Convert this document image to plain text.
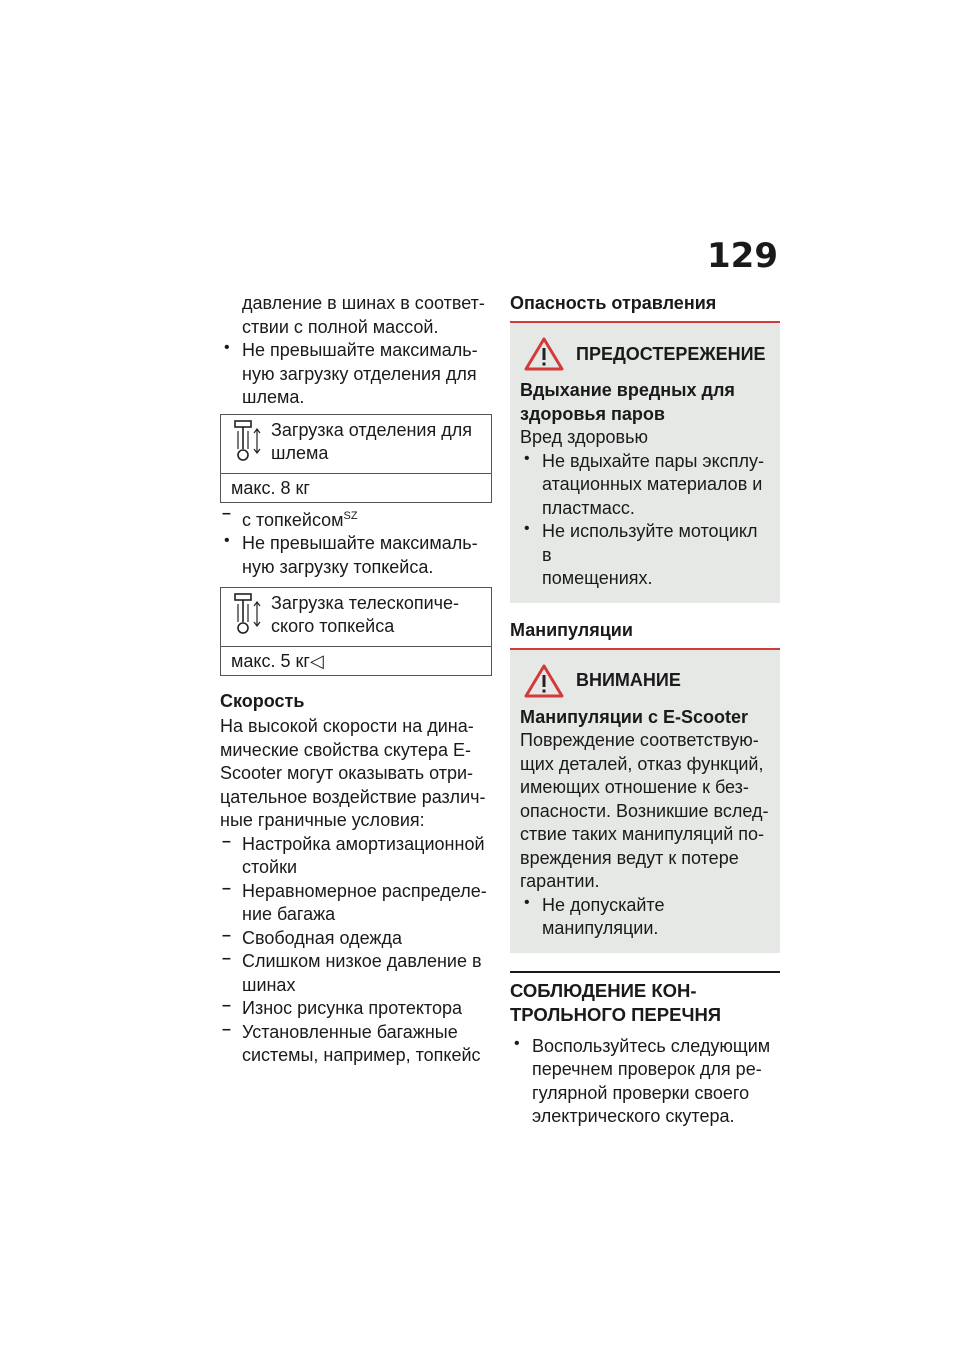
129

давление в шинах в соответ-

ствии с полной массой.

• Не превышайте максималь-

ную загрузку отделения для

шлема.

Загрузка отделения для
шлема
макс. 8 кг

– с топкейсом$^{SZ}$

• Не превышайте максималь-

ную загрузку топкейса.

Загрузка телескопиче-
ского топкейса
макс. 5 кг◁
Скорость

На высокой скорости на дина-

мические свойства скутера E-

Scooter могут оказывать отри-

цательное воздействие различ-

ные граничные условия:

– Настройка амортизационной

стойки

– Неравномерное распределе-

ние багажа

– Свободная одежда

– Слишком низкое давление в

шинах

– Износ рисунка протектора

– Установленные багажные

системы, например, топкейс

Опасность отравления
ПРЕДОСТЕРЕЖЕНИЕ
Вдыхание вредных для
здоровья паров

Вред здоровью

• Не вдыхайте пары эксплу-

атационных материалов и

пластмасс.

• Не используйте мотоцикл в

помещениях.

Манипуляции
ВНИМАНИЕ
Манипуляции с E-Scooter

Повреждение соответствую-

щих деталей, отказ функций,

имеющих отношение к без-

опасности. Возникшие вслед-

ствие таких манипуляций по-

вреждения ведут к потере

гарантии.

• Не допускайте манипуляции.

СОБЛЮДЕНИЕ КОН-
ТРОЛЬНОГО ПЕРЕЧНЯ

• Воспользуйтесь следующим

перечнем проверок для ре-

гулярной проверки своего

электрического скутера.
